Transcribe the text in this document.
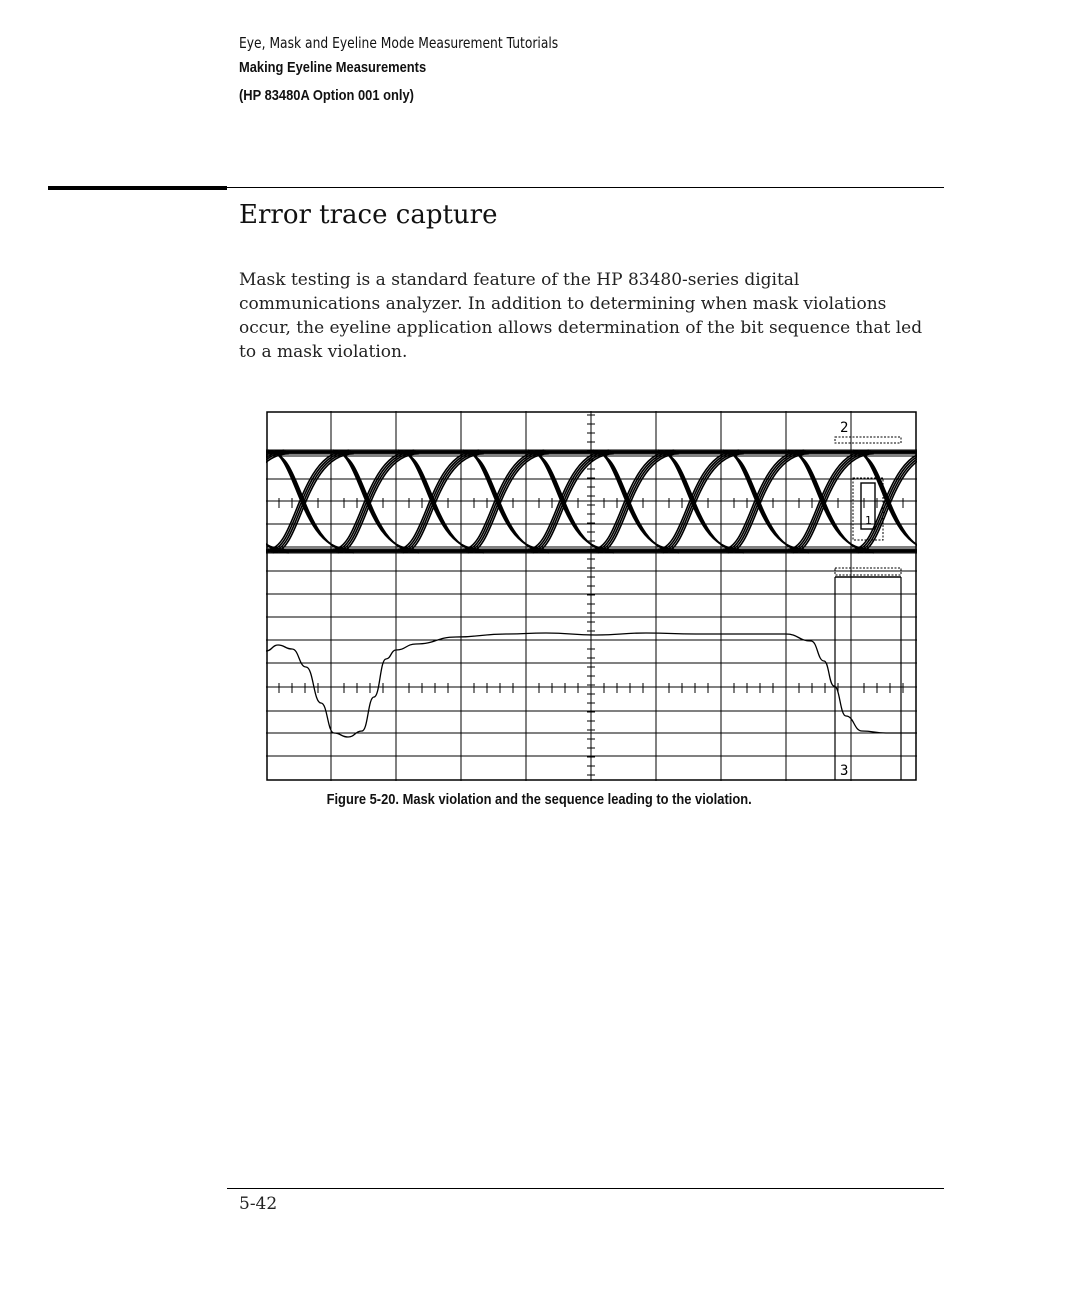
Eye, Mask and Eyeline Mode Measurement Tutorials
Making Eyeline Measurements
(HP 83480A Option 001 only)
Error trace capture

Mask testing is a standard feature of the HP 83480-series digital communications analyzer. In addition to determining when mask violations occur, the eyeline application allows determination of the bit sequence that led to a mask violation.

2
1
3
Figure 5-20. Mask violation and the sequence leading to the violation.
5-42
